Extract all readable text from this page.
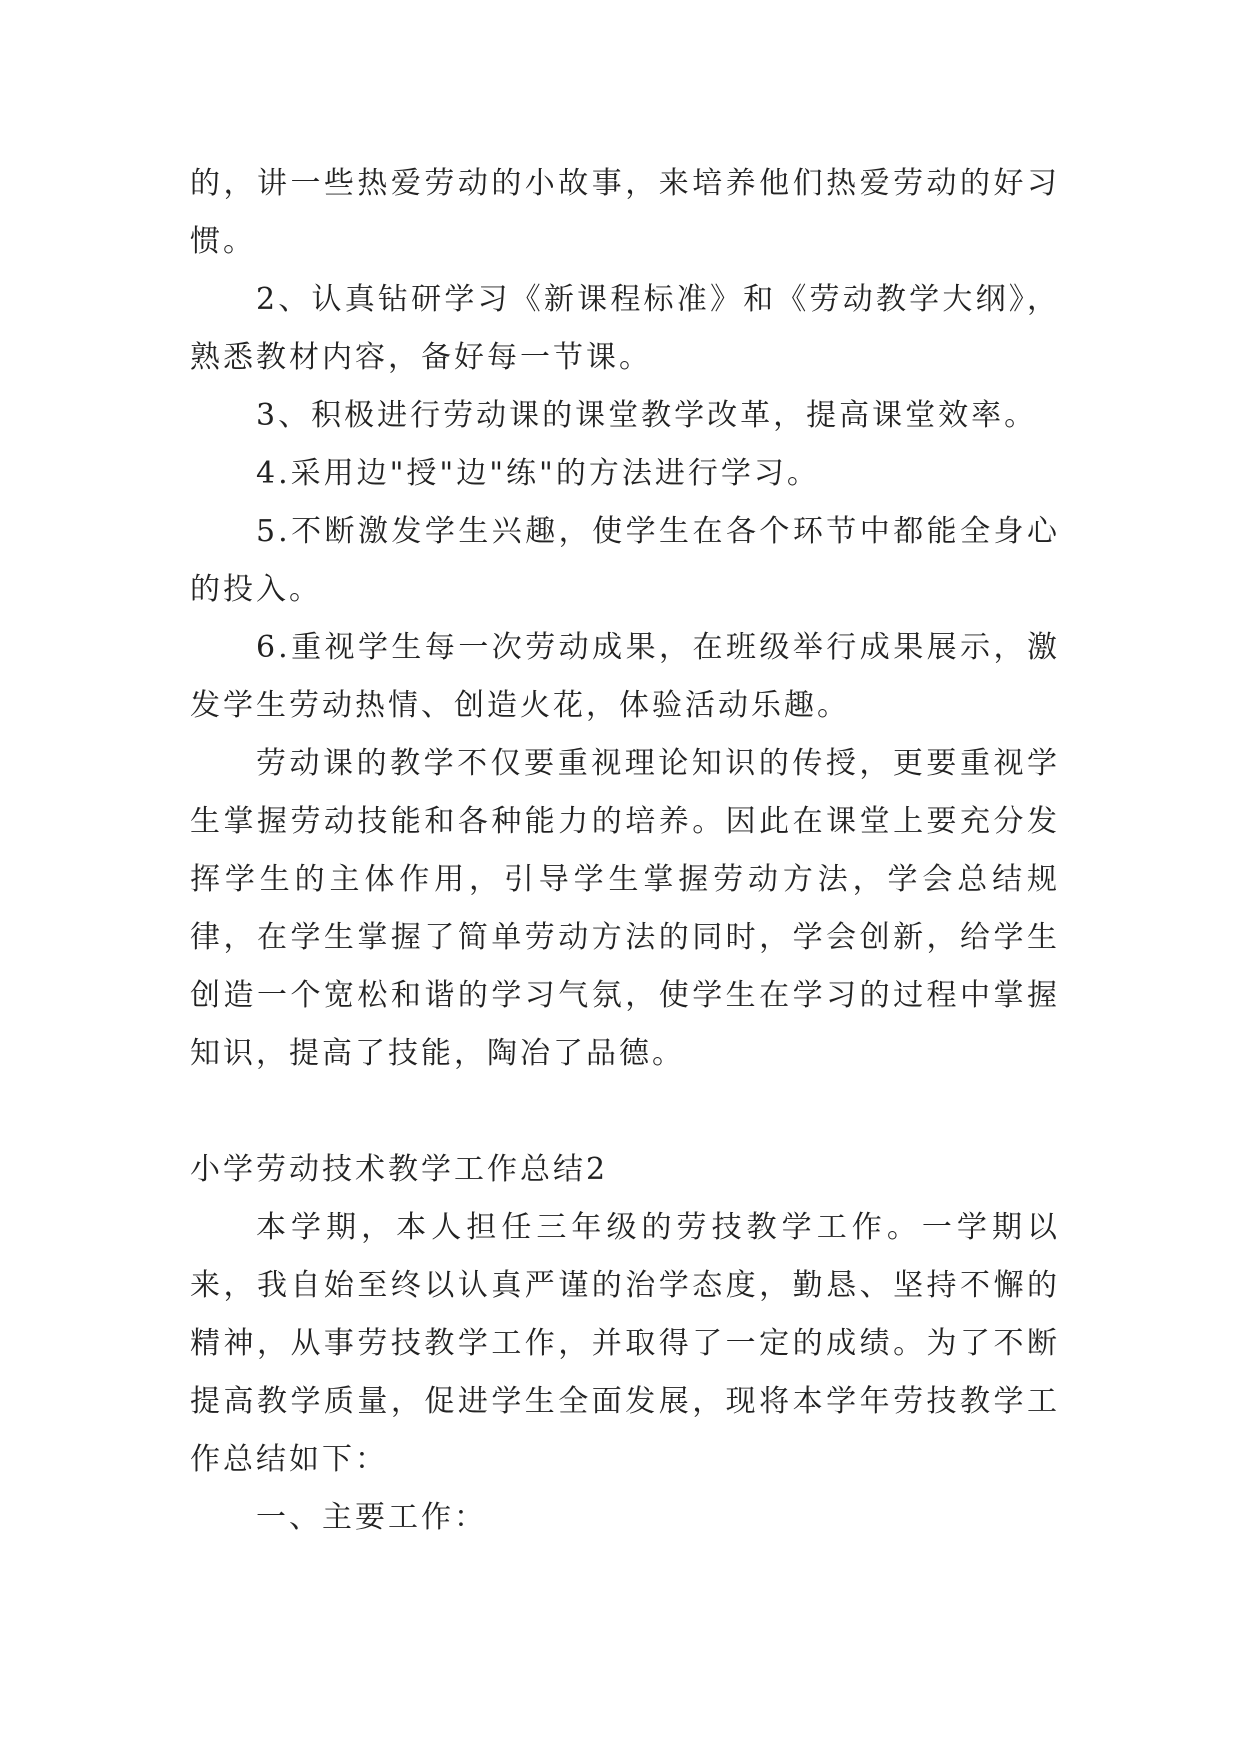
的，讲一些热爱劳动的小故事，来培养他们热爱劳动的好习惯。

2、认真钻研学习《新课程标准》和《劳动教学大纲》，熟悉教材内容，备好每一节课。

3、积极进行劳动课的课堂教学改革，提高课堂效率。

4.采用边"授"边"练"的方法进行学习。

5.不断激发学生兴趣，使学生在各个环节中都能全身心的投入。

6.重视学生每一次劳动成果，在班级举行成果展示，激发学生劳动热情、创造火花，体验活动乐趣。

劳动课的教学不仅要重视理论知识的传授，更要重视学生掌握劳动技能和各种能力的培养。因此在课堂上要充分发挥学生的主体作用，引导学生掌握劳动方法，学会总结规律，在学生掌握了简单劳动方法的同时，学会创新，给学生创造一个宽松和谐的学习气氛，使学生在学习的过程中掌握知识，提高了技能，陶冶了品德。

小学劳动技术教学工作总结2

本学期，本人担任三年级的劳技教学工作。一学期以来，我自始至终以认真严谨的治学态度，勤恳、坚持不懈的精神，从事劳技教学工作，并取得了一定的成绩。为了不断提高教学质量，促进学生全面发展，现将本学年劳技教学工作总结如下：

一、主要工作：
